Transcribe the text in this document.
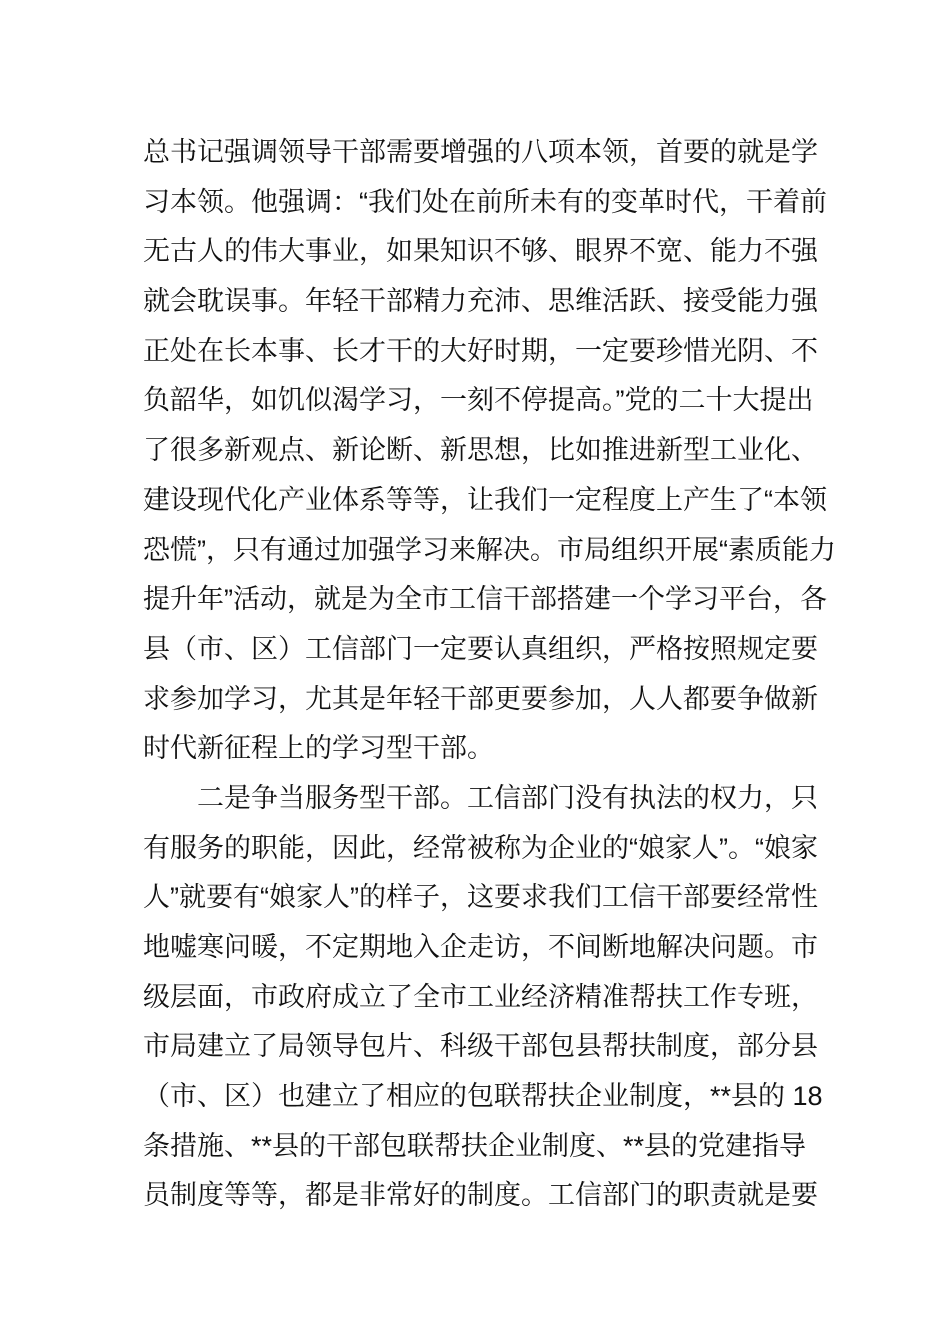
总书记强调领导干部需要增强的八项本领，首要的就是学
习本领。他强调：“我们处在前所未有的变革时代，干着前
无古人的伟大事业，如果知识不够、眼界不宽、能力不强
就会耽误事。年轻干部精力充沛、思维活跃、接受能力强
正处在长本事、长才干的大好时期，一定要珍惜光阴、不
负韶华，如饥似渴学习，一刻不停提高。”党的二十大提出
了很多新观点、新论断、新思想，比如推进新型工业化、
建设现代化产业体系等等，让我们一定程度上产生了“本领
恐慌”，只有通过加强学习来解决。市局组织开展“素质能力
提升年”活动，就是为全市工信干部搭建一个学习平台，各
县（市、区）工信部门一定要认真组织，严格按照规定要
求参加学习，尤其是年轻干部更要参加，人人都要争做新
时代新征程上的学习型干部。
二是争当服务型干部。工信部门没有执法的权力，只
有服务的职能，因此，经常被称为企业的“娘家人”。“娘家
人”就要有“娘家人”的样子，这要求我们工信干部要经常性
地嘘寒问暖，不定期地入企走访，不间断地解决问题。市
级层面，市政府成立了全市工业经济精准帮扶工作专班，
市局建立了局领导包片、科级干部包县帮扶制度，部分县
（市、区）也建立了相应的包联帮扶企业制度，**县的 18
条措施、**县的干部包联帮扶企业制度、**县的党建指导
员制度等等，都是非常好的制度。工信部门的职责就是要
